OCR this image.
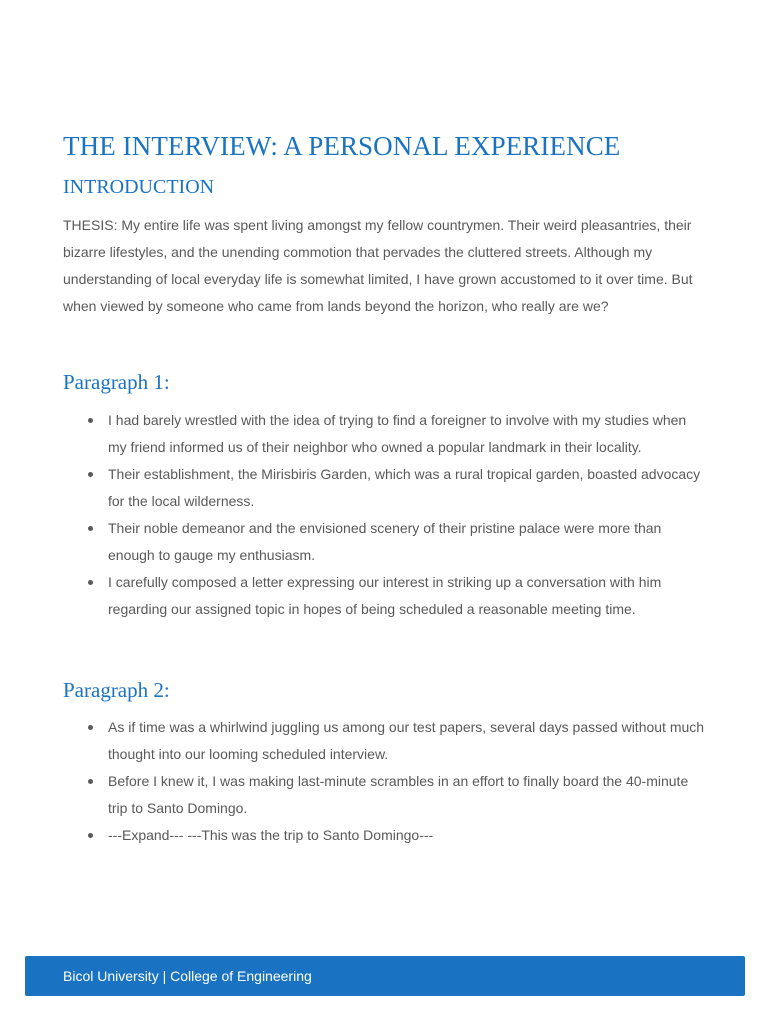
THE INTERVIEW: A PERSONAL EXPERIENCE
INTRODUCTION

THESIS: My entire life was spent living amongst my fellow countrymen. Their weird pleasantries, their bizarre lifestyles, and the unending commotion that pervades the cluttered streets. Although my understanding of local everyday life is somewhat limited, I have grown accustomed to it over time. But when viewed by someone who came from lands beyond the horizon, who really are we?

Paragraph 1:
I had barely wrestled with the idea of trying to find a foreigner to involve with my studies when my friend informed us of their neighbor who owned a popular landmark in their locality.
Their establishment, the Mirisbiris Garden, which was a rural tropical garden, boasted advocacy for the local wilderness.
Their noble demeanor and the envisioned scenery of their pristine palace were more than enough to gauge my enthusiasm.
I carefully composed a letter expressing our interest in striking up a conversation with him regarding our assigned topic in hopes of being scheduled a reasonable meeting time.
Paragraph 2:
As if time was a whirlwind juggling us among our test papers, several days passed without much thought into our looming scheduled interview.
Before I knew it, I was making last-minute scrambles in an effort to finally board the 40-minute trip to Santo Domingo.
---Expand--- ---This was the trip to Santo Domingo---
Bicol University | College of Engineering
